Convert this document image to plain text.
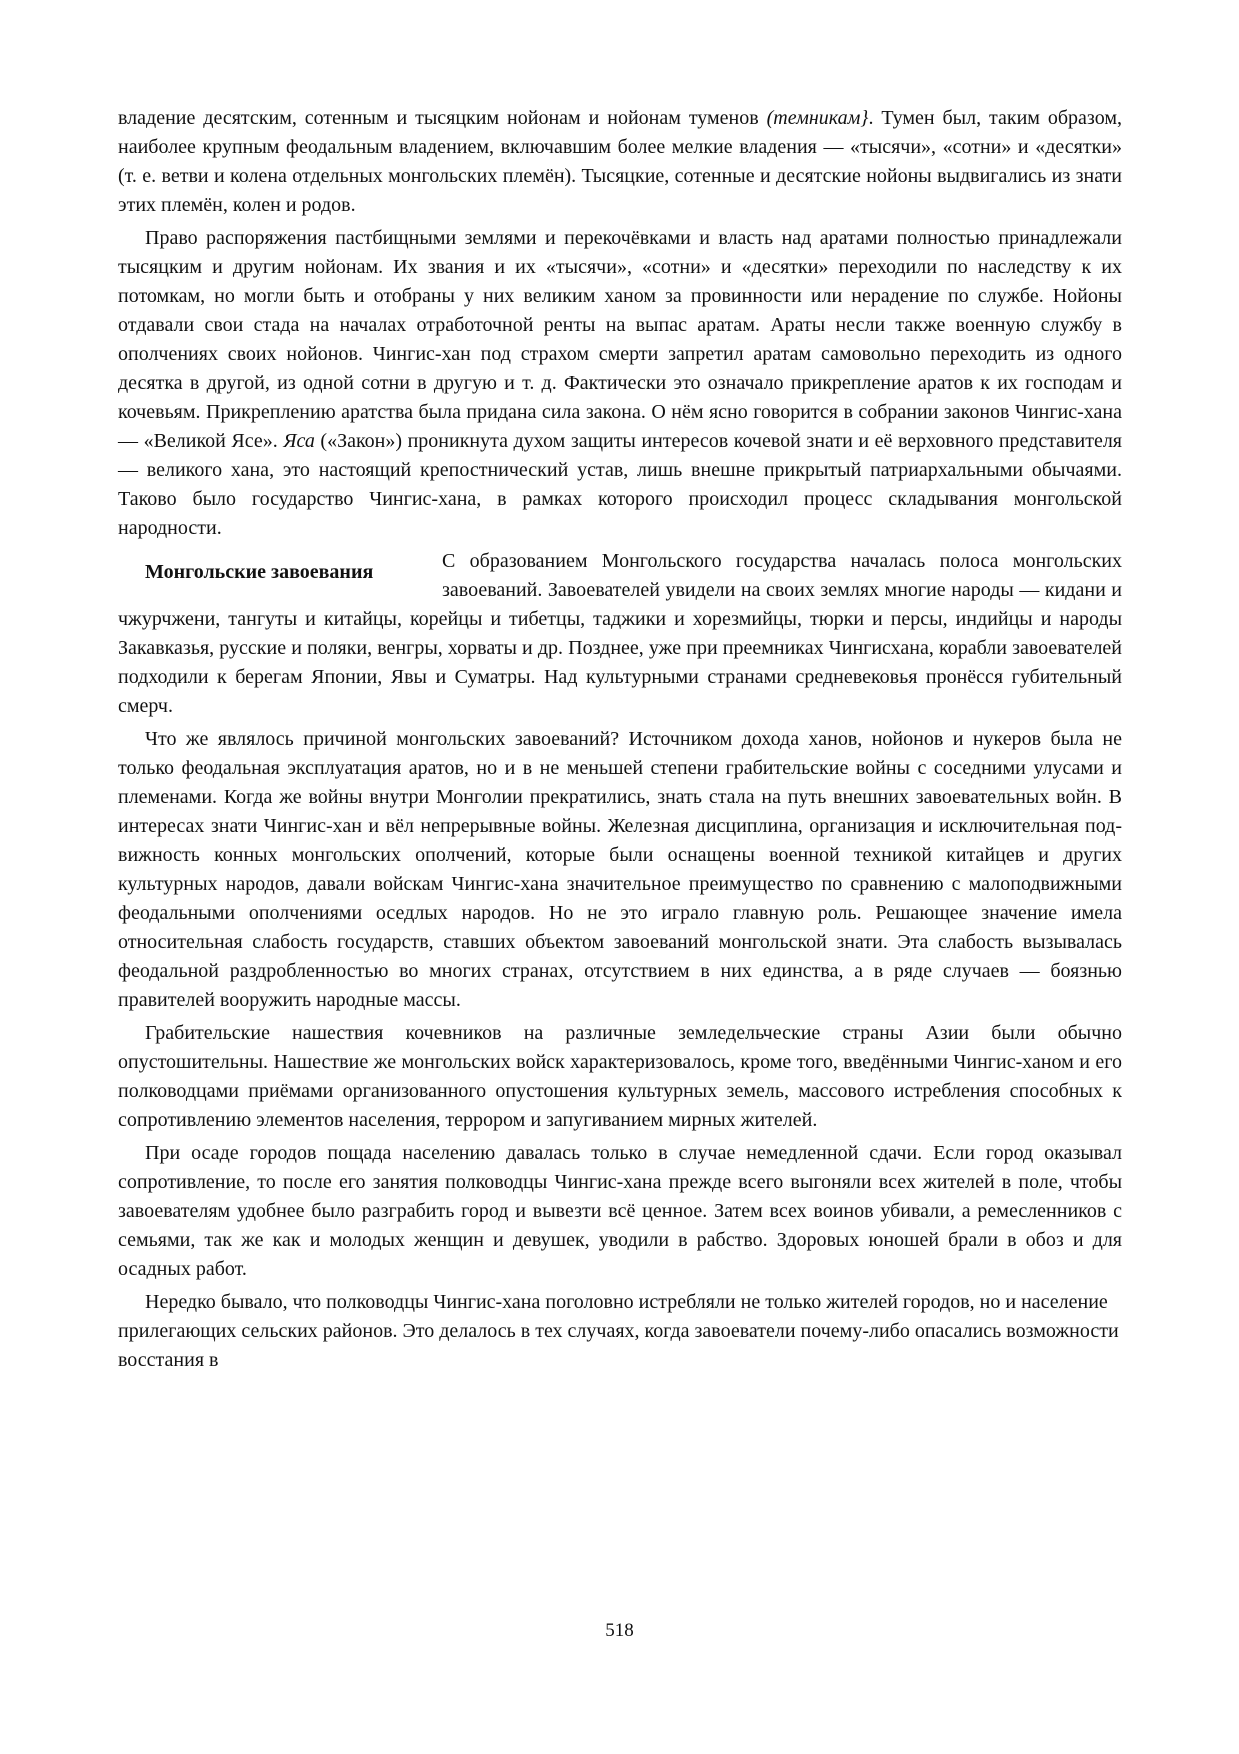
владение десятским, сотенным и тысяцким нойонам и нойонам туменов (темникам}. Тумен был, таким образом, наиболее крупным феодальным владением, включавшим более мелкие владения — «тысячи», «сотни» и «десятки» (т. е. ветви и колена отдельных монгольских племён). Тысяцкие, сотенные и десятские нойоны выдвигались из знати этих племён, колен и родов.

Право распоряжения пастбищными землями и перекочёвками и власть над аратами полностью принадлежали тысяцким и другим нойонам. Их звания и их «тысячи», «сотни» и «десятки» переходили по наследству к их потомкам, но могли быть и отобраны у них великим ханом за провинности или нерадение по службе. Нойоны отдавали свои стада на началах отработочной ренты на выпас аратам. Араты несли также военную службу в ополчениях своих нойонов. Чингис-хан под страхом смерти запретил аратам самовольно переходить из одного десятка в другой, из одной сотни в другую и т. д. Фактически это означало прикрепление аратов к их господам и кочевьям. Прикреплению аратства была придана сила закона. О нём ясно говорится в собрании законов Чингис-хана — «Великой Ясе». Яса («Закон») проникнута духом защиты интересов кочевой знати и её верховного представителя — великого хана, это настоящий крепостнический устав, лишь внешне прикрытый патриархальными обычаями. Таково было государство Чингис-хана, в рамках которого происходил процесс складывания монгольской народности.

Монгольские завоевания	С образованием Монгольского государства началась полоса монгольских завоеваний. Завоевателей увидели на своих землях многие народы — кидани и чжурчжени, тангуты и китайцы, корейцы и тибетцы, таджики и хорезмийцы, тюрки и персы, индийцы и народы Закавказья, русские и поляки, венгры, хорваты и др. Позднее, уже при преемниках Чингисхана, корабли завоевателей подходили к берегам Японии, Явы и Суматры. Над культурными странами средневековья пронёсся губительный смерч.

Что же являлось причиной монгольских завоеваний? Источником дохода ханов, нойонов и нукеров была не только феодальная эксплуатация аратов, но и в не меньшей степени грабительские войны с соседними улусами и племенами. Когда же войны внутри Монголии прекратились, знать стала на путь внешних завоевательных войн. В интересах знати Чингис-хан и вёл непрерывные войны. Железная дисциплина, организация и исключительная подвижность конных монгольских ополчений, которые были оснащены военной техникой китайцев и других культурных народов, давали войскам Чингис-хана значительное преимущество по сравнению с малоподвижными феодальными ополчениями оседлых народов. Но не это играло главную роль. Решающее значение имела относительная слабость государств, ставших объектом завоеваний монгольской знати. Эта слабость вызывалась феодальной раздробленностью во многих странах, отсутствием в них единства, а в ряде случаев — боязнью правителей вооружить народные массы.

Грабительские нашествия кочевников на различные земледельческие страны Азии были обычно опустошительны. Нашествие же монгольских войск характеризовалось, кроме того, введёнными Чингис-ханом и его полководцами приёмами организованного опустошения культурных земель, массового истребления способных к сопротивлению элементов населения, террором и запугиванием мирных жителей.

При осаде городов пощада населению давалась только в случае немедленной сдачи. Если город оказывал сопротивление, то после его занятия полководцы Чингис-хана прежде всего выгоняли всех жителей в поле, чтобы завоевателям удобнее было разграбить город и вывезти всё ценное. Затем всех воинов убивали, а ремесленников с семьями, так же как и молодых женщин и девушек, уводили в рабство. Здоровых юношей брали в обоз и для осадных работ.

Нередко бывало, что полководцы Чингис-хана поголовно истребляли не только жителей городов, но и население прилегающих сельских районов. Это делалось в тех случаях, когда завоеватели почему-либо опасались возможности восстания в

518
